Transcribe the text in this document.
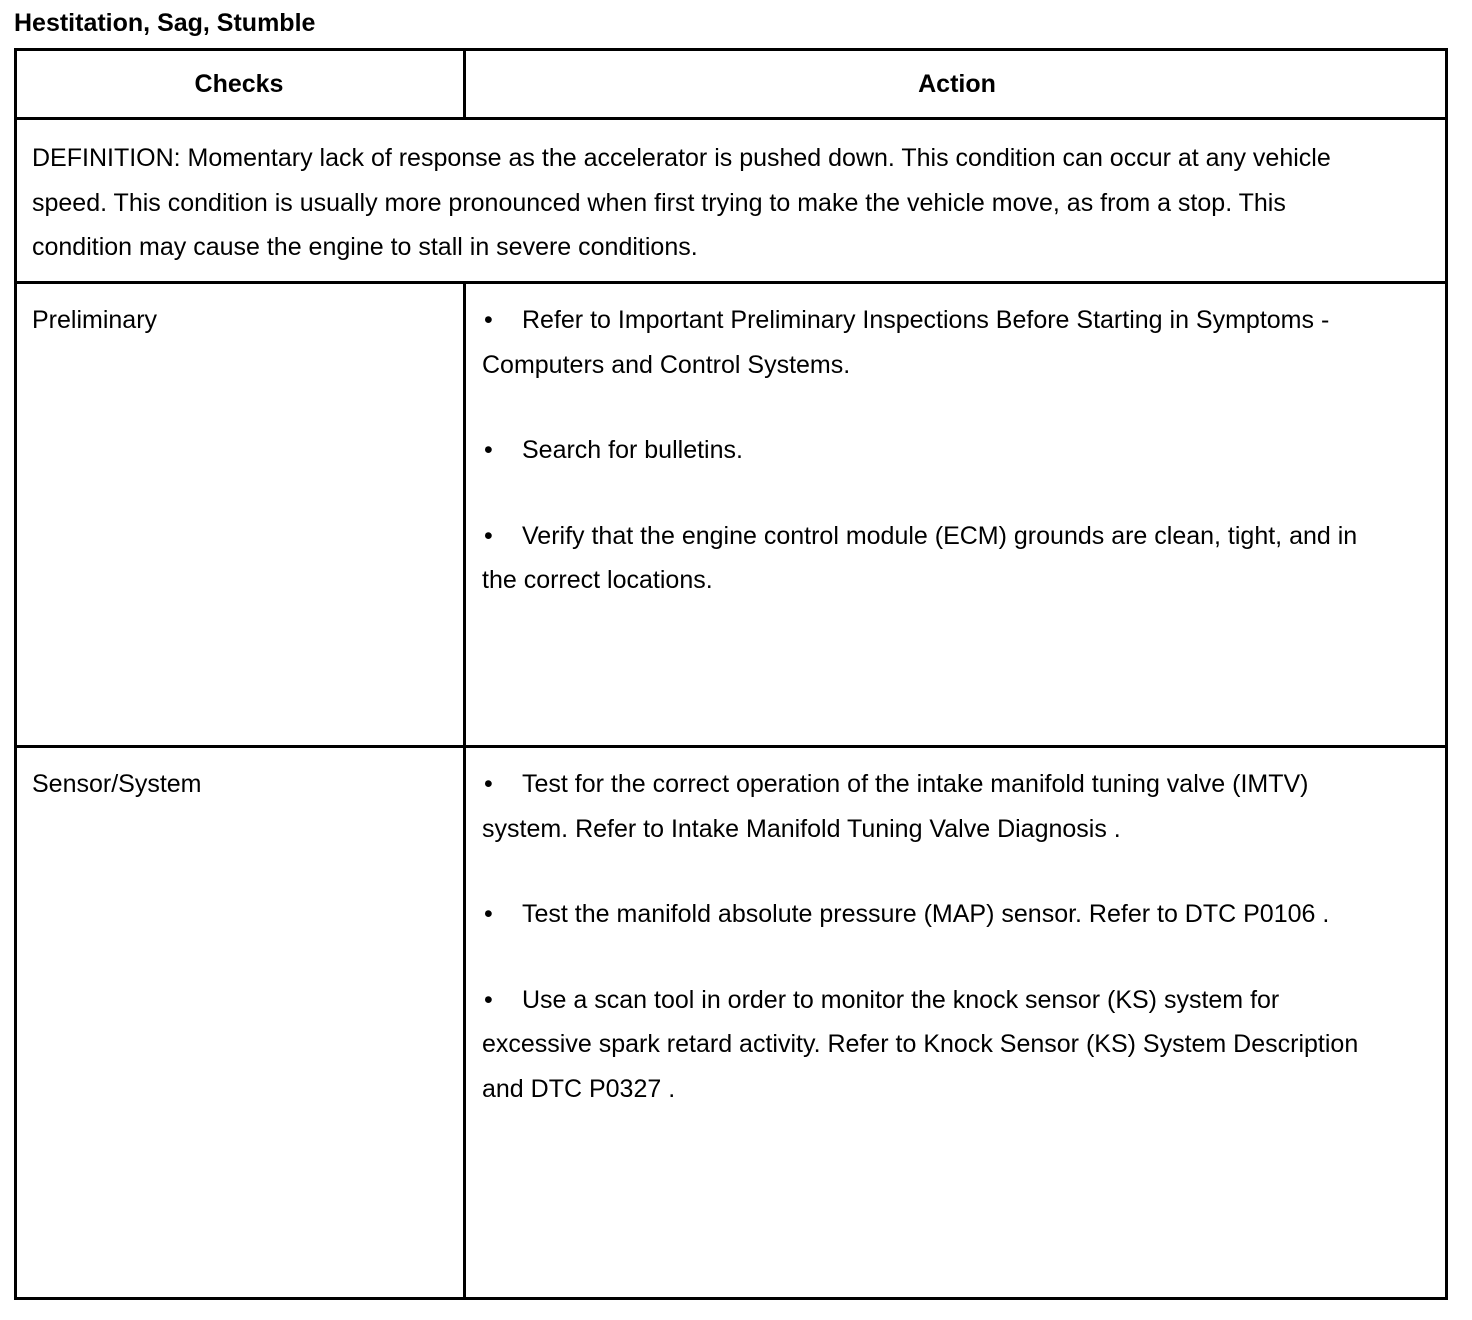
Hestitation, Sag, Stumble
Checks	Action
DEFINITION: Momentary lack of response as the accelerator is pushed down. This condition can occur at any vehicle speed. This condition is usually more pronounced when first trying to make the vehicle move, as from a stop. This condition may cause the engine to stall in severe conditions.
Preliminary	• Refer to Important Preliminary Inspections Before Starting in Symptoms - Computers and Control Systems.
• Search for bulletins.
• Verify that the engine control module (ECM) grounds are clean, tight, and in the correct locations.
Sensor/System	• Test for the correct operation of the intake manifold tuning valve (IMTV) system. Refer to Intake Manifold Tuning Valve Diagnosis .
• Test the manifold absolute pressure (MAP) sensor. Refer to DTC P0106 .
• Use a scan tool in order to monitor the knock sensor (KS) system for excessive spark retard activity. Refer to Knock Sensor (KS) System Description and DTC P0327 .
